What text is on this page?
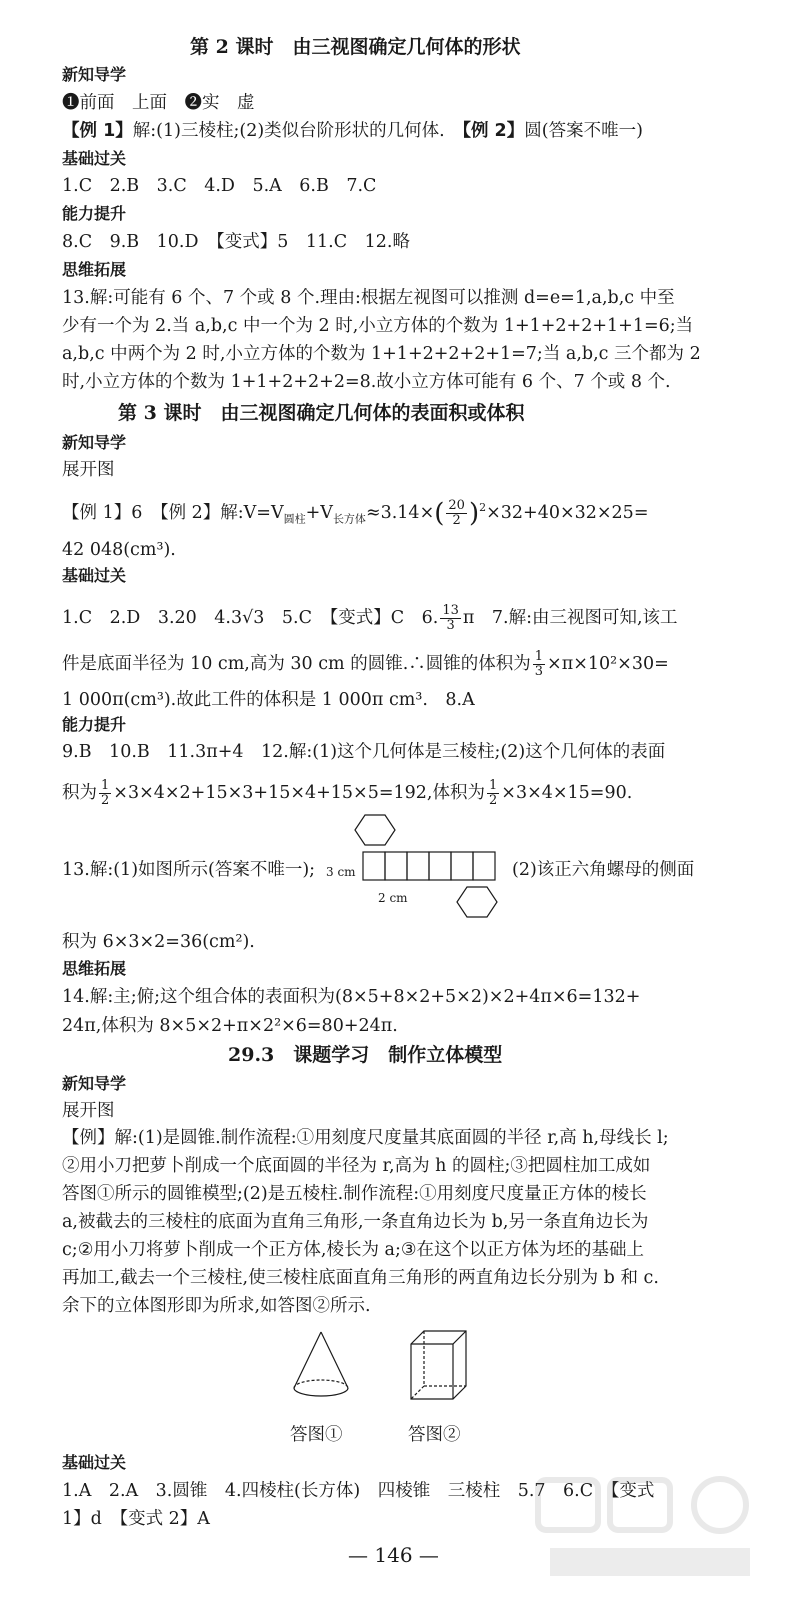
第 2 课时　由三视图确定几何体的形状
新知导学
❶前面　上面　❷实　虚
【例 1】解:(1)三棱柱;(2)类似台阶形状的几何体.　【例 2】圆(答案不唯一)
基础过关
1.C　2.B　3.C　4.D　5.A　6.B　7.C
能力提升
8.C　9.B　10.D　【变式】5　11.C　12.略
思维拓展
13.解:可能有 6 个、7 个或 8 个.理由:根据左视图可以推测 d=e=1,a,b,c 中至
少有一个为 2.当 a,b,c 中一个为 2 时,小立方体的个数为 1+1+2+2+1+1=6;当
a,b,c 中两个为 2 时,小立方体的个数为 1+1+2+2+2+1=7;当 a,b,c 三个都为 2
时,小立方体的个数为 1+1+2+2+2=8.故小立方体可能有 6 个、7 个或 8 个.
第 3 课时　由三视图确定几何体的表面积或体积
新知导学
展开图
【例 1】6　【例 2】解$:V=V_{圆柱}+V_{长方体}\approx 3.14\times( \frac{20}{2} )^2\times 32+40\times 32\times 25=$
42 048(cm³).
基础过关
1.C　2.D　3.20　4.3√3　5.C　【变式】C　6. $\frac{13}{3}$ π　7.解:由三视图可知,该工
件是底面半径为 10 cm,高为 30 cm 的圆锥.∴圆锥的体积为 $\frac{1}{3} \times\pi\times 10^2\times 30=$
1 000π(cm³).故此工件的体积是 1 000π cm³.　8.A
能力提升
9.B　10.B　11.3π+4　12.解:(1)这个几何体是三棱柱;(2)这个几何体的表面
积为 $\frac{1}{2} \times 3\times 4\times 2+15\times 3+15\times 4+15\times 5=192$,体积为 $\frac{1}{2} \times 3\times 4\times 15=90$.
13.解:(1)如图所示(答案不唯一); 3 cm
2 cm
(2)该正六角螺母的侧面
积为 6×3×2=36(cm²).
思维拓展
14.解:主;俯;这个组合体的表面积为(8×5+8×2+5×2)×2+4π×6=132+
24π,体积为 8×5×2+π×2²×6=80+24π.
29.3　课题学习　制作立体模型
新知导学
展开图
【例】解:(1)是圆锥.制作流程:①用刻度尺度量其底面圆的半径 r,高 h,母线长 l;
②用小刀把萝卜削成一个底面圆的半径为 r,高为 h 的圆柱;③把圆柱加工成如
答图①所示的圆锥模型;(2)是五棱柱.制作流程:①用刻度尺度量正方体的棱长
a,被截去的三棱柱的底面为直角三角形,一条直角边长为 b,另一条直角边长为
c;②用小刀将萝卜削成一个正方体,棱长为 a;③在这个以正方体为坯的基础上
再加工,截去一个三棱柱,使三棱柱底面直角三角形的两直角边长分别为 b 和 c.
余下的立体图形即为所求,如答图②所示.
答图①	答图②
基础过关
1.A　2.A　3.圆锥　4.四棱柱(长方体)　四棱锥　三棱柱　5.7　6.C　【变式
1】d　【变式 2】A
— 146 —
